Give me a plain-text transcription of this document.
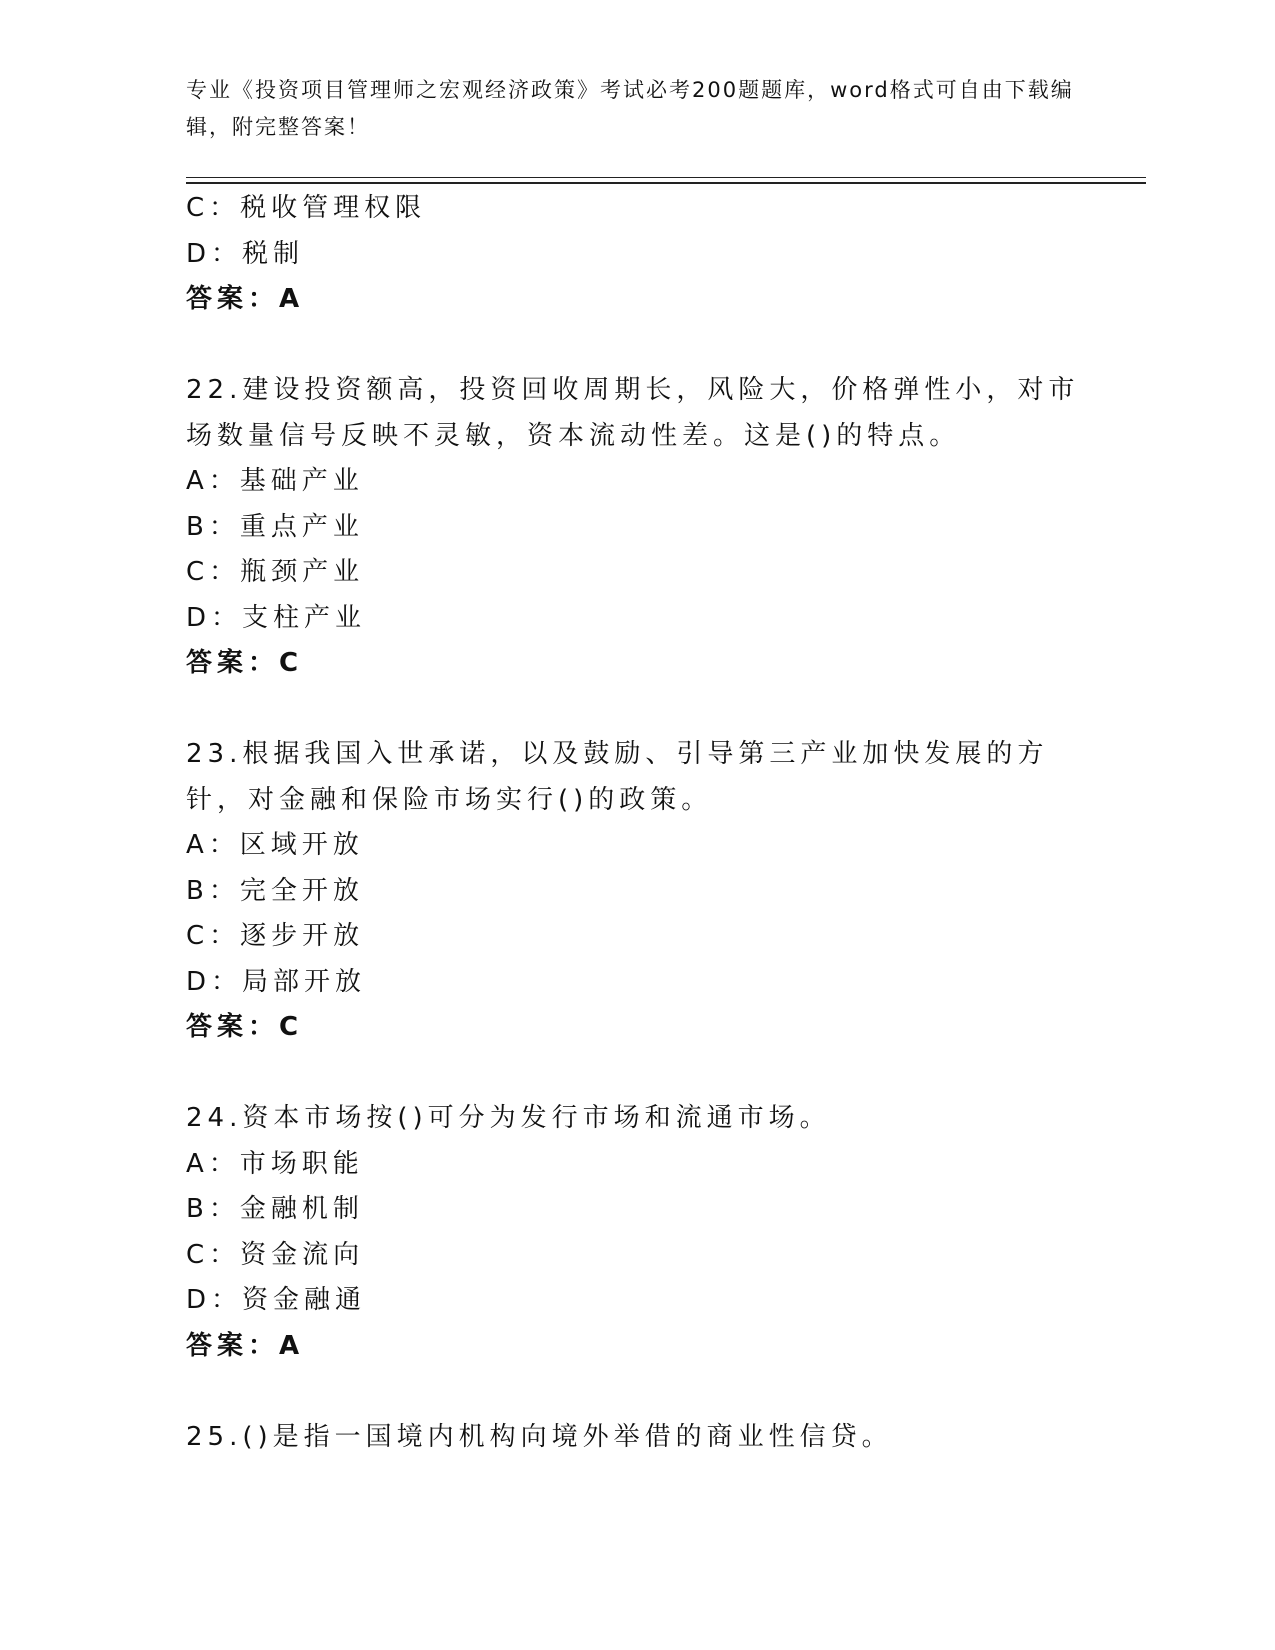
专业《投资项目管理师之宏观经济政策》考试必考200题题库，word格式可自由下载编辑，附完整答案！
C：税收管理权限
D：税制
答案：A
22.建设投资额高，投资回收周期长，风险大，价格弹性小，对市场数量信号反映不灵敏，资本流动性差。这是()的特点。
A：基础产业
B：重点产业
C：瓶颈产业
D：支柱产业
答案：C
23.根据我国入世承诺，以及鼓励、引导第三产业加快发展的方针，对金融和保险市场实行()的政策。
A：区域开放
B：完全开放
C：逐步开放
D：局部开放
答案：C
24.资本市场按()可分为发行市场和流通市场。
A：市场职能
B：金融机制
C：资金流向
D：资金融通
答案：A
25.()是指一国境内机构向境外举借的商业性信贷。
